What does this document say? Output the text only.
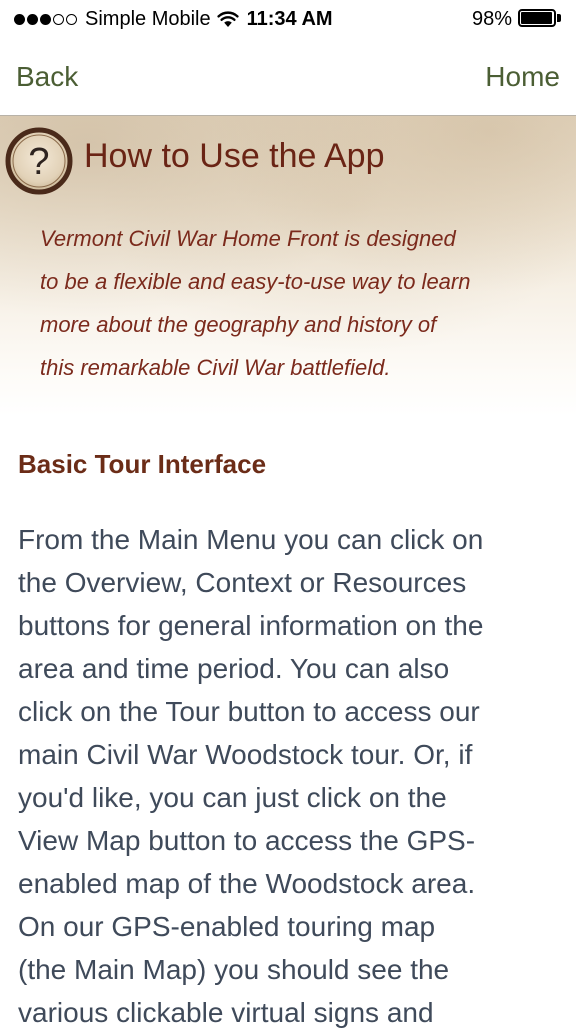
Simple Mobile 11:34 AM	98%
Back	Home
? How to Use the App
Vermont Civil War Home Front is designed
to be a flexible and easy-to-use way to learn
more about the geography and history of
this remarkable Civil War battlefield.
Basic Tour Interface
From the Main Menu you can click on
the Overview, Context or Resources
buttons for general information on the
area and time period. You can also
click on the Tour button to access our
main Civil War Woodstock tour. Or, if
you'd like, you can just click on the
View Map button to access the GPS-
enabled map of the Woodstock area.
On our GPS-enabled touring map
(the Main Map) you should see the
various clickable virtual signs and
